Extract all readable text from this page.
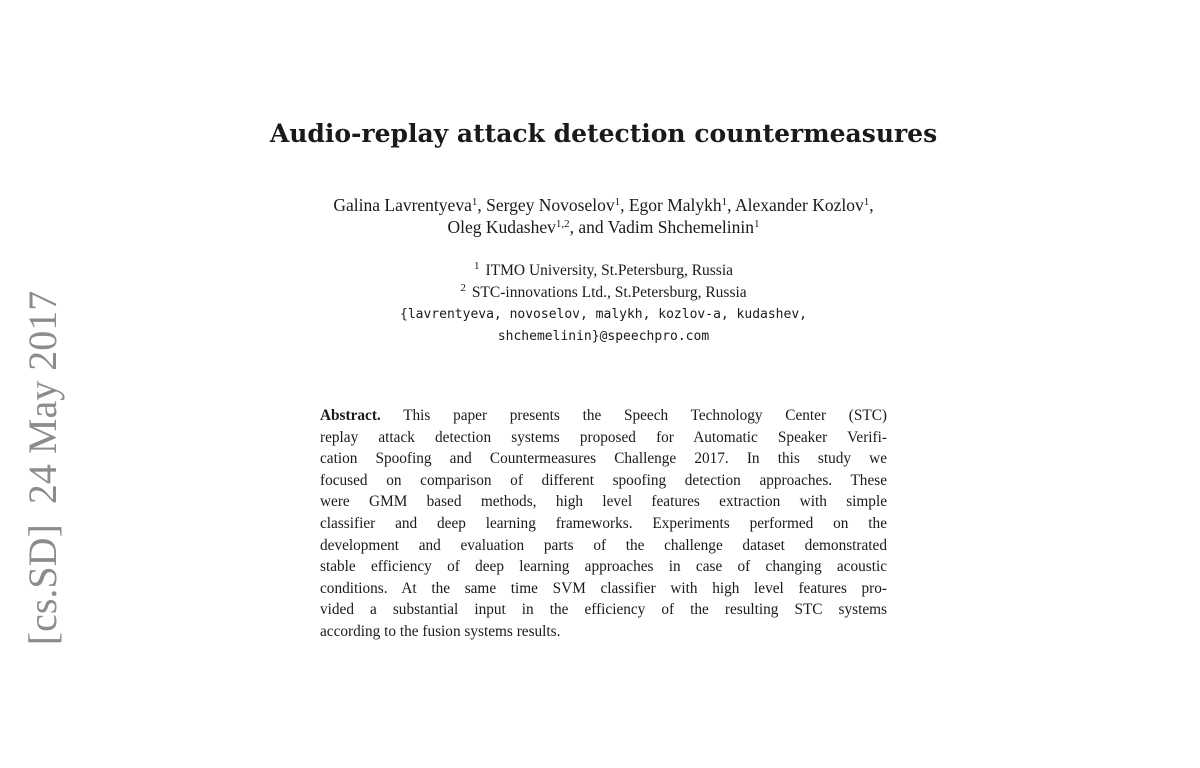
[cs.SD]24 May 2017
Audio-replay attack detection countermeasures
Galina Lavrentyeva$^1$, Sergey Novoselov$^1$, Egor Malykh$^1$, Alexander Kozlov$^1$,
Oleg Kudashev$^{1,2}$, and Vadim Shchemelinin$^1$
$^1$ ITMO University, St.Petersburg, Russia
$^2$ STC-innovations Ltd., St.Petersburg, Russia
{lavrentyeva, novoselov, malykh, kozlov-a, kudashev,
shchemelinin}@speechpro.com
Abstract. This paper presents the Speech Technology Center (STC)
replay attack detection systems proposed for Automatic Speaker Verifi-
cation Spoofing and Countermeasures Challenge 2017. In this study we
focused on comparison of different spoofing detection approaches. These
were GMM based methods, high level features extraction with simple
classifier and deep learning frameworks. Experiments performed on the
development and evaluation parts of the challenge dataset demonstrated
stable efficiency of deep learning approaches in case of changing acoustic
conditions. At the same time SVM classifier with high level features pro-
vided a substantial input in the efficiency of the resulting STC systems
according to the fusion systems results.
